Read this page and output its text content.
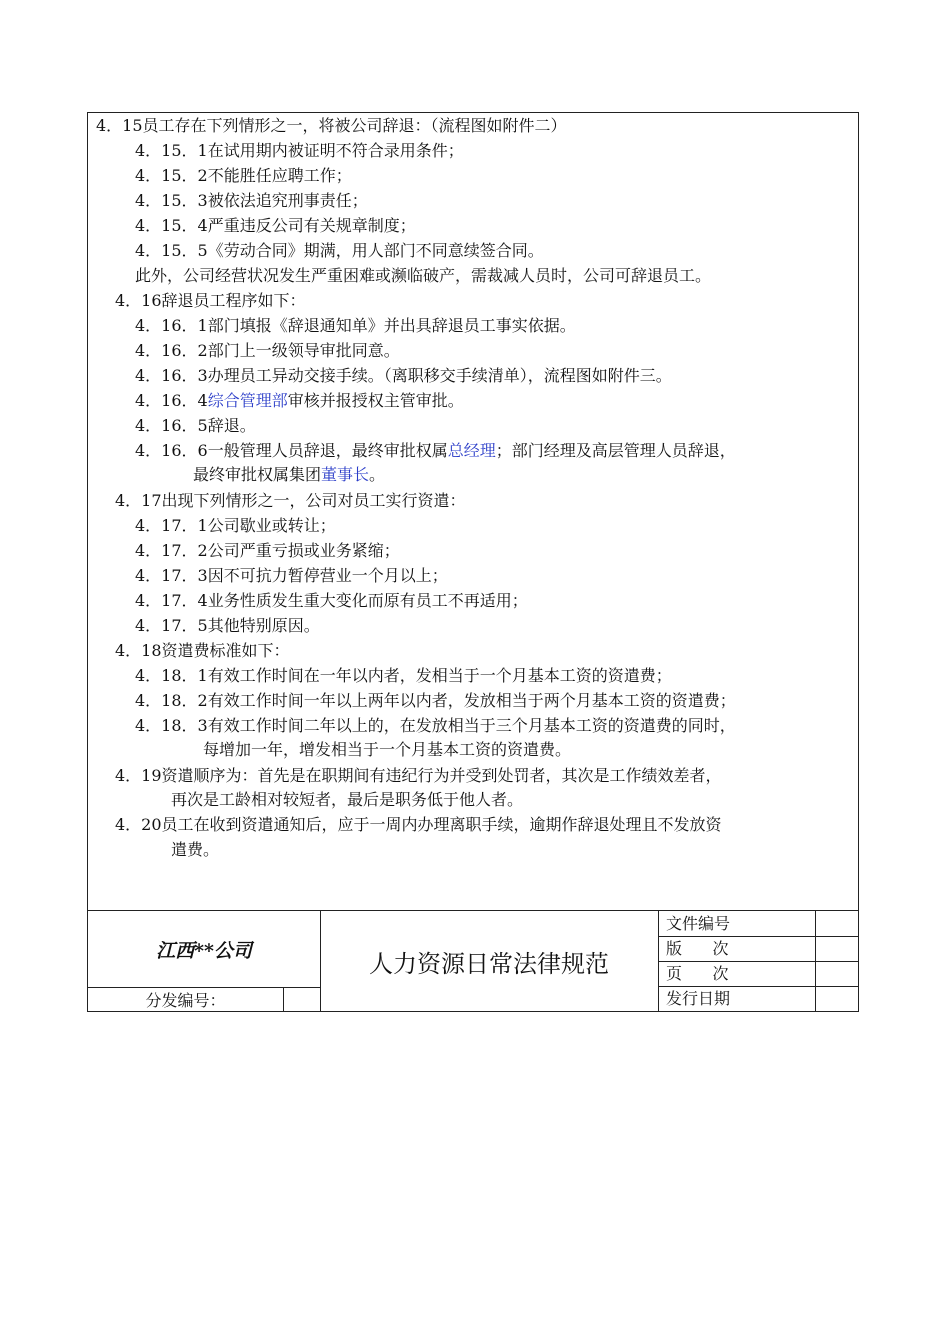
4．15员工存在下列情形之一，将被公司辞退：（流程图如附件二）
4．15．1在试用期内被证明不符合录用条件；
4．15．2不能胜任应聘工作；
4．15．3被依法追究刑事责任；
4．15．4严重违反公司有关规章制度；
4．15．5《劳动合同》期满，用人部门不同意续签合同。
此外，公司经营状况发生严重困难或濒临破产，需裁减人员时，公司可辞退员工。
4．16辞退员工程序如下：
4．16．1部门填报《辞退通知单》并出具辞退员工事实依据。
4．16．2部门上一级领导审批同意。
4．16．3办理员工异动交接手续。（离职移交手续清单），流程图如附件三。
4．16．4综合管理部审核并报授权主管审批。
4．16．5辞退。
4．16．6一般管理人员辞退，最终审批权属总经理；部门经理及高层管理人员辞退，
最终审批权属集团董事长。
4．17出现下列情形之一，公司对员工实行资遣：
4．17．1公司歇业或转让；
4．17．2公司严重亏损或业务紧缩；
4．17．3因不可抗力暂停营业一个月以上；
4．17．4业务性质发生重大变化而原有员工不再适用；
4．17．5其他特别原因。
4．18资遣费标准如下：
4．18．1有效工作时间在一年以内者，发相当于一个月基本工资的资遣费；
4．18．2有效工作时间一年以上两年以内者，发放相当于两个月基本工资的资遣费；
4．18．3有效工作时间二年以上的，在发放相当于三个月基本工资的资遣费的同时，
每增加一年，增发相当于一个月基本工资的资遣费。
4．19资遣顺序为：首先是在职期间有违纪行为并受到处罚者，其次是工作绩效差者，
再次是工龄相对较短者，最后是职务低于他人者。
4．20员工在收到资遣通知后，应于一周内办理离职手续，逾期作辞退处理且不发放资
遣费。
江西**公司
分发编号：
人力资源日常法律规范
文件编号
版      次
页      次
发行日期
